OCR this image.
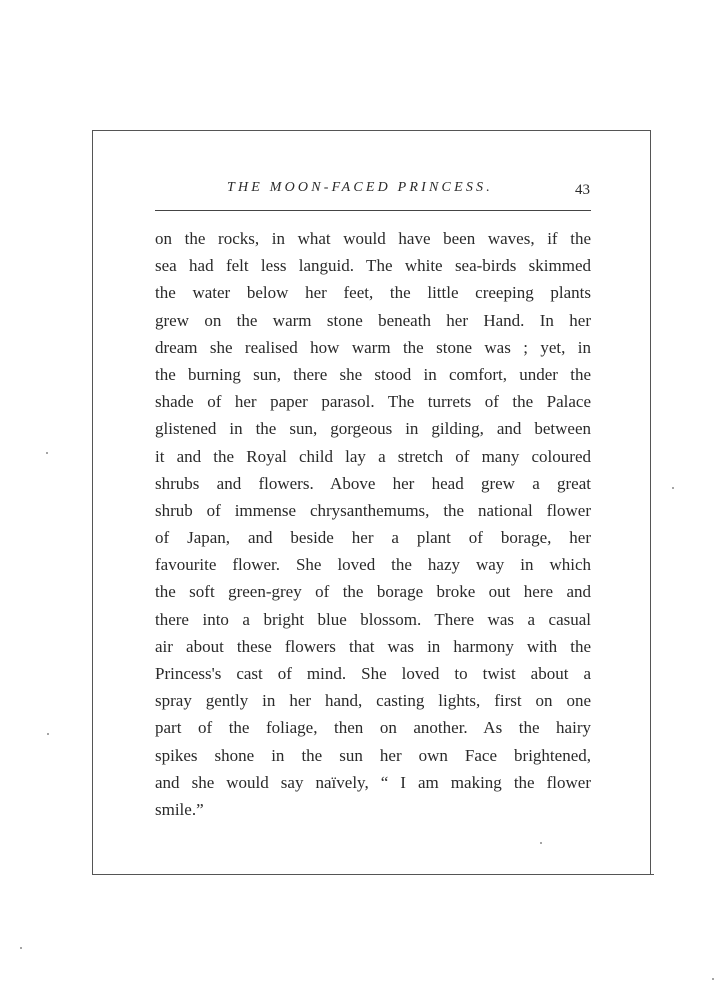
THE MOON-FACED PRINCESS.	43
on the rocks, in what would have been waves, if the
sea had felt less languid. The white sea-birds skimmed
the water below her feet, the little creeping plants
grew on the warm stone beneath her Hand. In her
dream she realised how warm the stone was ; yet, in
the burning sun, there she stood in comfort, under the
shade of her paper parasol. The turrets of the Palace
glistened in the sun, gorgeous in gilding, and between
it and the Royal child lay a stretch of many coloured
shrubs and flowers. Above her head grew a great
shrub of immense chrysanthemums, the national flower
of Japan, and beside her a plant of borage, her
favourite flower. She loved the hazy way in which
the soft green-grey of the borage broke out here and
there into a bright blue blossom. There was a casual
air about these flowers that was in harmony with the
Princess's cast of mind. She loved to twist about a
spray gently in her hand, casting lights, first on one
part of the foliage, then on another. As the hairy
spikes shone in the sun her own Face brightened,
and she would say naïvely, “ I am making the flower
smile.”
